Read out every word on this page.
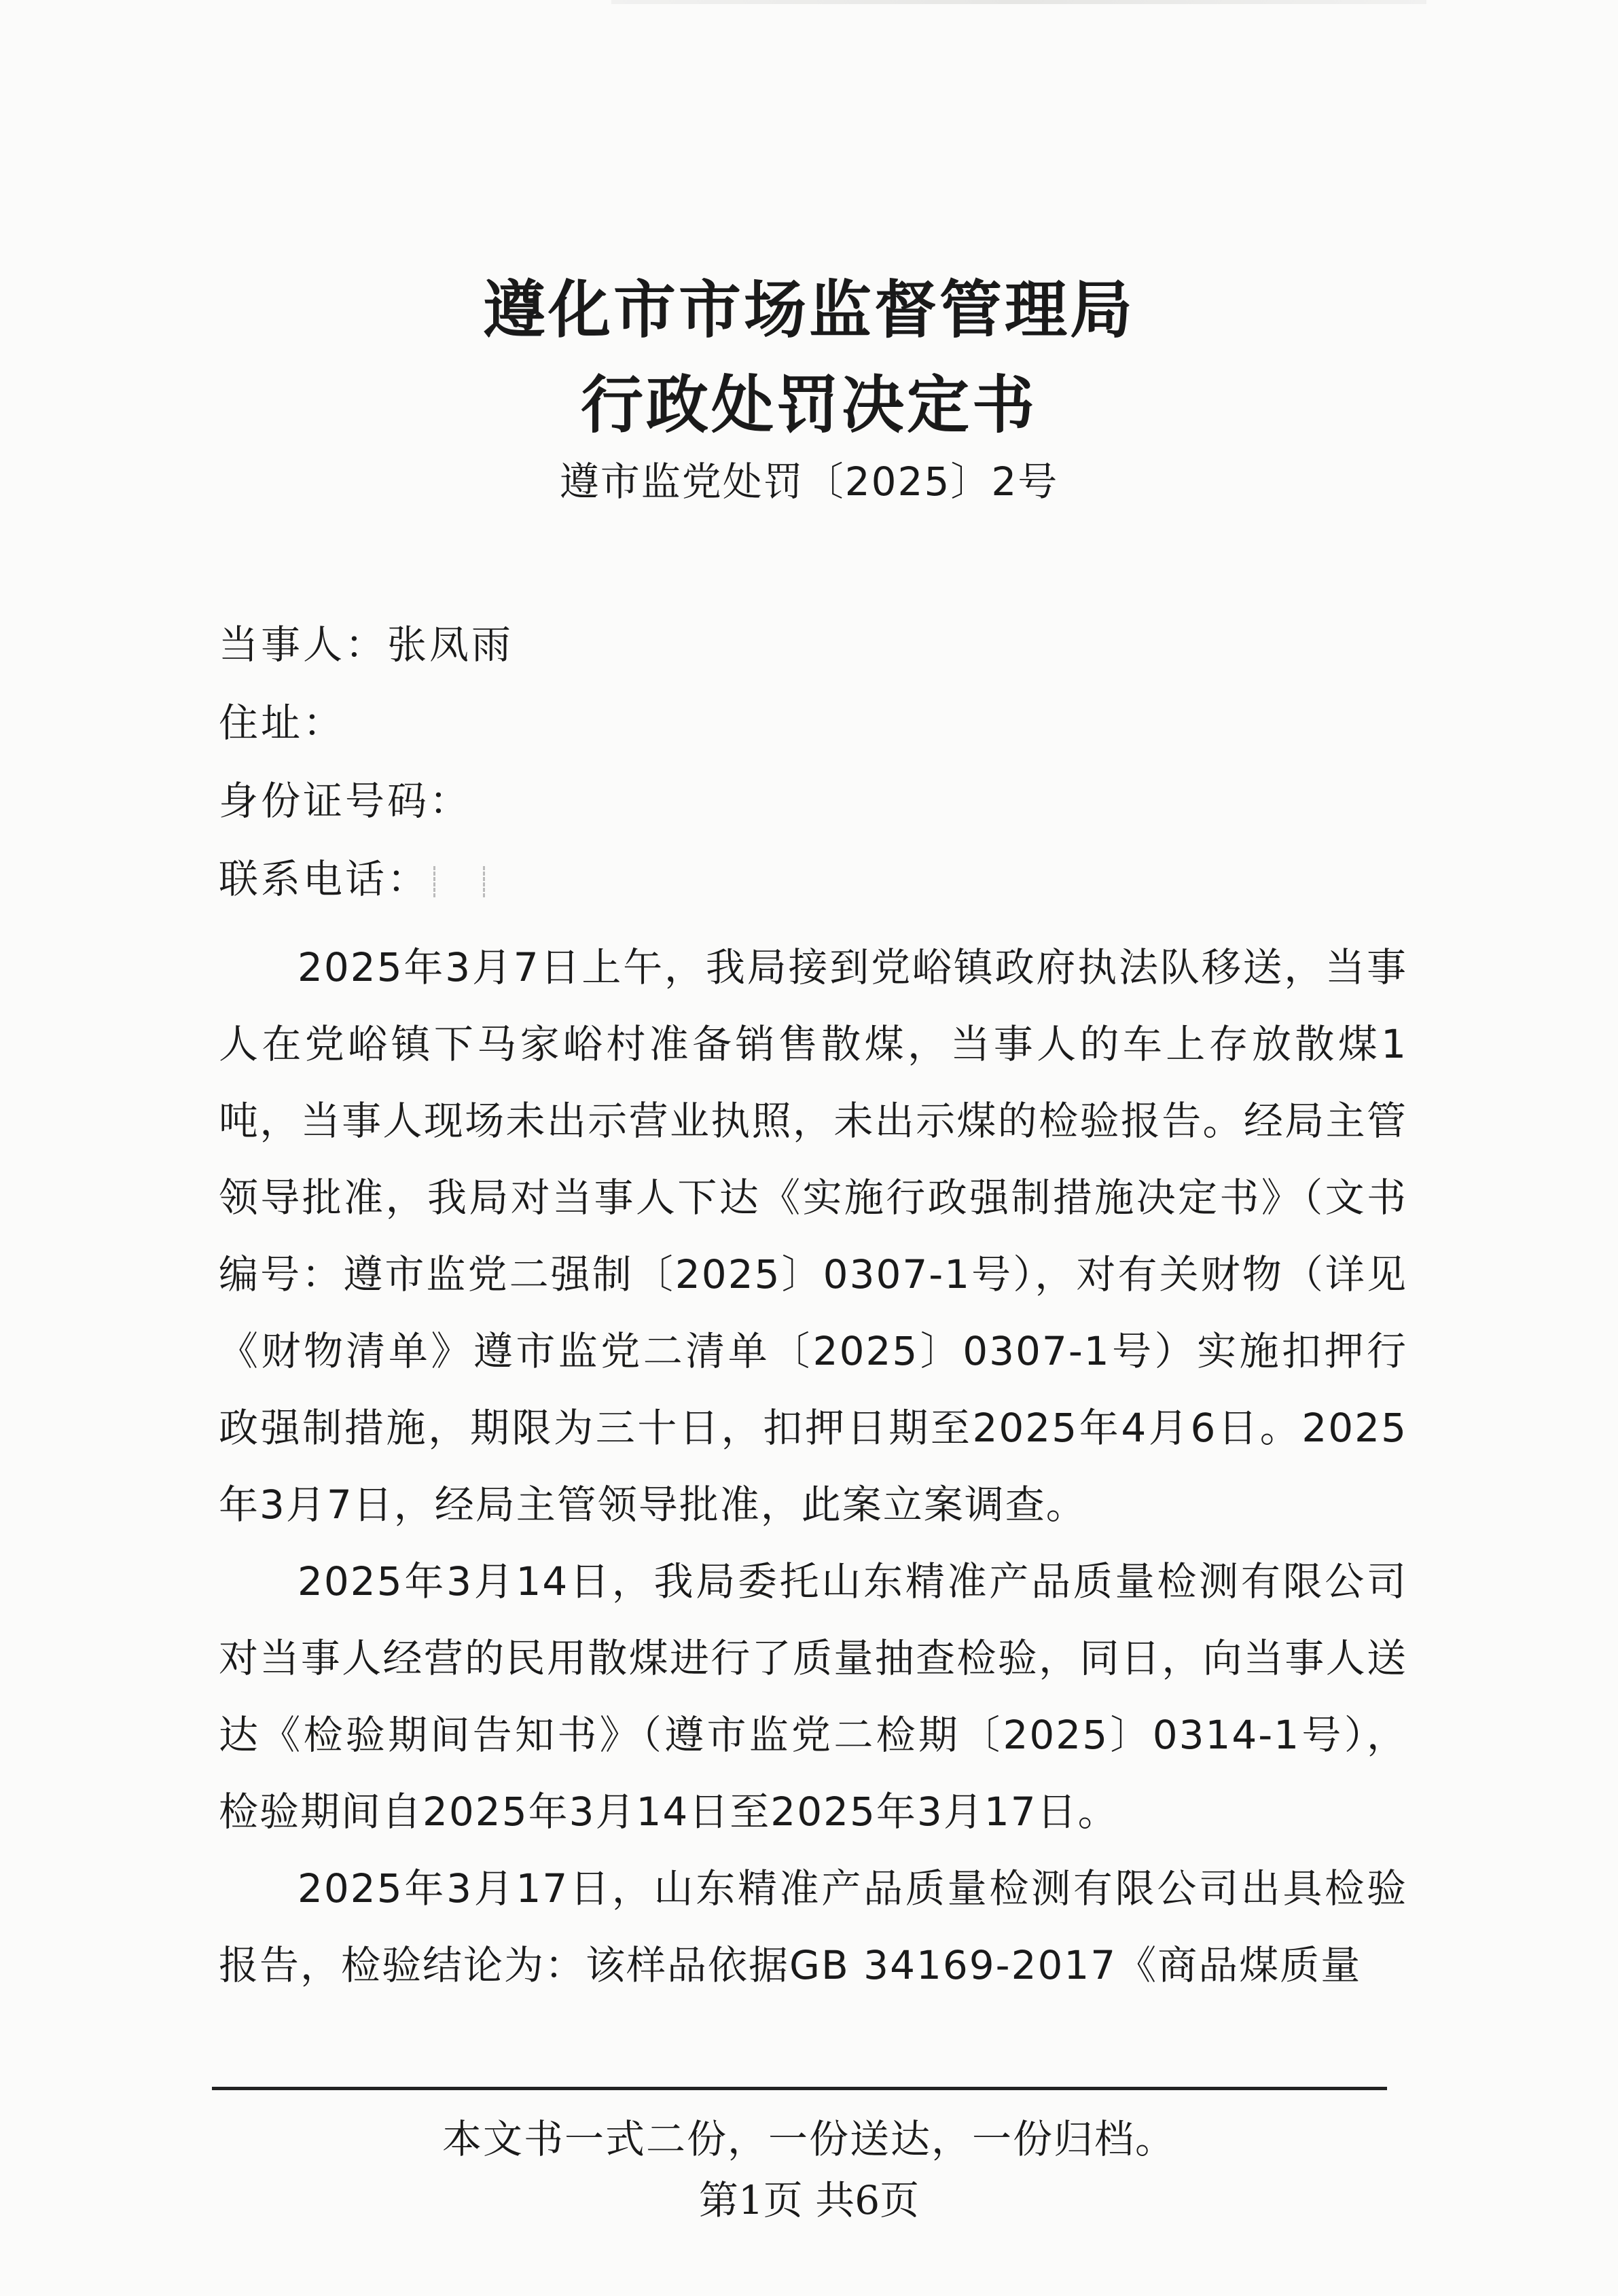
遵化市市场监督管理局
行政处罚决定书
遵市监党处罚〔2025〕2号
当事人：张凤雨
住址：
身份证号码：
联系电话：

2025年3月7日上午，我局接到党峪镇政府执法队移送，当事人在党峪镇下马家峪村准备销售散煤，当事人的车上存放散煤1吨，当事人现场未出示营业执照，未出示煤的检验报告。经局主管领导批准，我局对当事人下达《实施行政强制措施决定书》（文书编号：遵市监党二强制〔2025〕0307-1号），对有关财物（详见《财物清单》遵市监党二清单〔2025〕0307-1号）实施扣押行政强制措施，期限为三十日，扣押日期至2025年4月6日。2025年3月7日，经局主管领导批准，此案立案调查。

2025年3月14日，我局委托山东精准产品质量检测有限公司对当事人经营的民用散煤进行了质量抽查检验，同日，向当事人送达《检验期间告知书》（遵市监党二检期〔2025〕0314-1号），检验期间自2025年3月14日至2025年3月17日。

2025年3月17日，山东精准产品质量检测有限公司出具检验报告，检验结论为：该样品依据GB 34169-2017《商品煤质量

本文书一式二份，一份送达，一份归档。
第1页 共6页
